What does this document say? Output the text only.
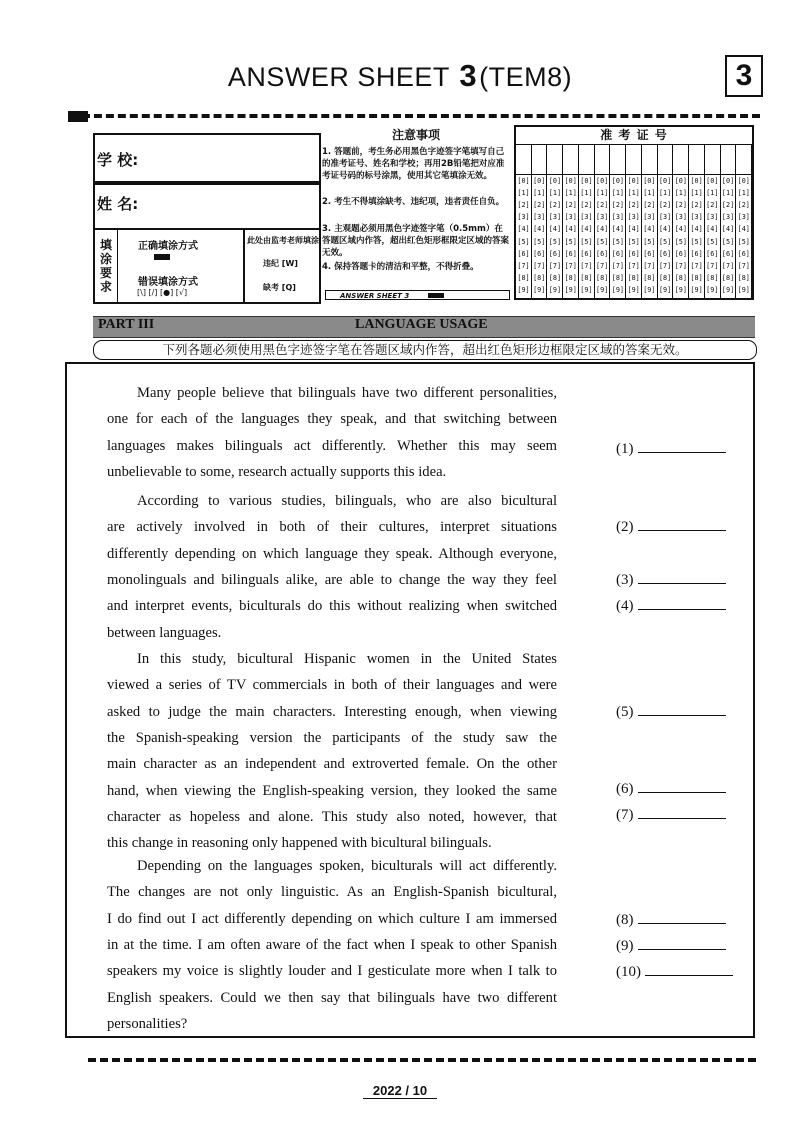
ANSWER SHEET 3(TEM8)	3
学 校:
姓 名:
填涂要求
正确填涂方式
错误填涂方式
[\] [/] [●] [√]
此处由监考老师填涂
违纪 [W]
缺考 [Q]
注意事项
1. 答题前，考生务必用黑色字迹签字笔填写自己的准考证号、姓名和学校；再用2B铅笔把对应准考证号码的标号涂黑，使用其它笔填涂无效。
2. 考生不得填涂缺考、违纪项，违者责任自负。
3. 主观题必须用黑色字迹签字笔（0.5mm）在答题区域内作答，超出红色矩形框限定区域的答案无效。
4. 保持答题卡的清洁和平整，不得折叠。
ANSWER SHEET 3
准 考 证 号
[0]
[1]
[2]
[3]
[4]
[5]
[6]
[7]
[8]
[9]
[0]
[1]
[2]
[3]
[4]
[5]
[6]
[7]
[8]
[9]
[0]
[1]
[2]
[3]
[4]
[5]
[6]
[7]
[8]
[9]
[0]
[1]
[2]
[3]
[4]
[5]
[6]
[7]
[8]
[9]
[0]
[1]
[2]
[3]
[4]
[5]
[6]
[7]
[8]
[9]
[0]
[1]
[2]
[3]
[4]
[5]
[6]
[7]
[8]
[9]
[0]
[1]
[2]
[3]
[4]
[5]
[6]
[7]
[8]
[9]
[0]
[1]
[2]
[3]
[4]
[5]
[6]
[7]
[8]
[9]
[0]
[1]
[2]
[3]
[4]
[5]
[6]
[7]
[8]
[9]
[0]
[1]
[2]
[3]
[4]
[5]
[6]
[7]
[8]
[9]
[0]
[1]
[2]
[3]
[4]
[5]
[6]
[7]
[8]
[9]
[0]
[1]
[2]
[3]
[4]
[5]
[6]
[7]
[8]
[9]
[0]
[1]
[2]
[3]
[4]
[5]
[6]
[7]
[8]
[9]
[0]
[1]
[2]
[3]
[4]
[5]
[6]
[7]
[8]
[9]
[0]
[1]
[2]
[3]
[4]
[5]
[6]
[7]
[8]
[9]
PART III	LANGUAGE USAGE
下列各题必须使用黑色字迹签字笔在答题区域内作答，超出红色矩形边框限定区域的答案无效。
Many people believe that bilinguals have two different personalities,
one for each of the languages they speak, and that switching between
languages makes bilinguals act differently. Whether this may seem
unbelievable to some, research actually supports this idea.
According to various studies, bilinguals, who are also bicultural
are actively involved in both of their cultures, interpret situations
differently depending on which language they speak. Although everyone,
monolinguals and bilinguals alike, are able to change the way they feel
and interpret events, biculturals do this without realizing when switched
between languages.
In this study, bicultural Hispanic women in the United States
viewed a series of TV commercials in both of their languages and were
asked to judge the main characters. Interesting enough, when viewing
the Spanish-speaking version the participants of the study saw the
main character as an independent and extroverted female. On the other
hand, when viewing the English-speaking version, they looked the same
character as hopeless and alone. This study also noted, however, that
this change in reasoning only happened with bicultural bilinguals.
Depending on the languages spoken, biculturals will act differently.
The changes are not only linguistic. As an English-Spanish bicultural,
I do find out I act differently depending on which culture I am immersed
in at the time. I am often aware of the fact when I speak to other Spanish
speakers my voice is slightly louder and I gesticulate more when I talk to
English speakers. Could we then say that bilinguals have two different
personalities?
(1)
(2)
(3)
(4)
(5)
(6)
(7)
(8)
(9)
(10)
2022 / 10
